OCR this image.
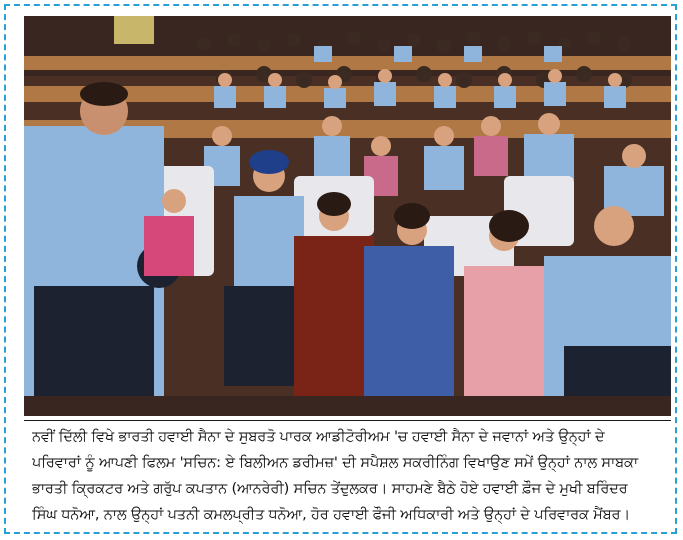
ਨਵੀਂ ਦਿੱਲੀ ਵਿਖੇ ਭਾਰਤੀ ਹਵਾਈ ਸੈਨਾ ਦੇ ਸੁਬਰਤੋ ਪਾਰਕ ਆਡੀਟੋਰੀਅਮ 'ਚ ਹਵਾਈ ਸੈਨਾ ਦੇ ਜਵਾਨਾਂ ਅਤੇ ਉਨ੍ਹਾਂ ਦੇ

ਪਰਿਵਾਰਾਂ ਨੂੰ ਆਪਣੀ ਫਿਲਮ 'ਸਚਿਨ: ਏ ਬਿਲੀਅਨ ਡਰੀਮਜ਼' ਦੀ ਸਪੈਸ਼ਲ ਸਕਰੀਨਿੰਗ ਵਿਖਾਉਣ ਸਮੇਂ ਉਨ੍ਹਾਂ ਨਾਲ ਸਾਬਕਾ

ਭਾਰਤੀ ਕ੍ਰਿਕਟਰ ਅਤੇ ਗਰੁੱਪ ਕਪਤਾਨ (ਆਨਰੇਰੀ) ਸਚਿਨ ਤੇਂਦੁਲਕਰ। ਸਾਹਮਣੇ ਬੈਠੇ ਹੋਏ ਹਵਾਈ ਫ਼ੌਜ ਦੇ ਮੁਖੀ ਬਰਿੰਦਰ

ਸਿੰਘ ਧਨੋਆ, ਨਾਲ ਉਨ੍ਹਾਂ ਪਤਨੀ ਕਮਲਪ੍ਰੀਤ ਧਨੋਆ, ਹੋਰ ਹਵਾਈ ਫੌਜੀ ਅਧਿਕਾਰੀ ਅਤੇ ਉਨ੍ਹਾਂ ਦੇ ਪਰਿਵਾਰਕ ਮੈਂਬਰ।
